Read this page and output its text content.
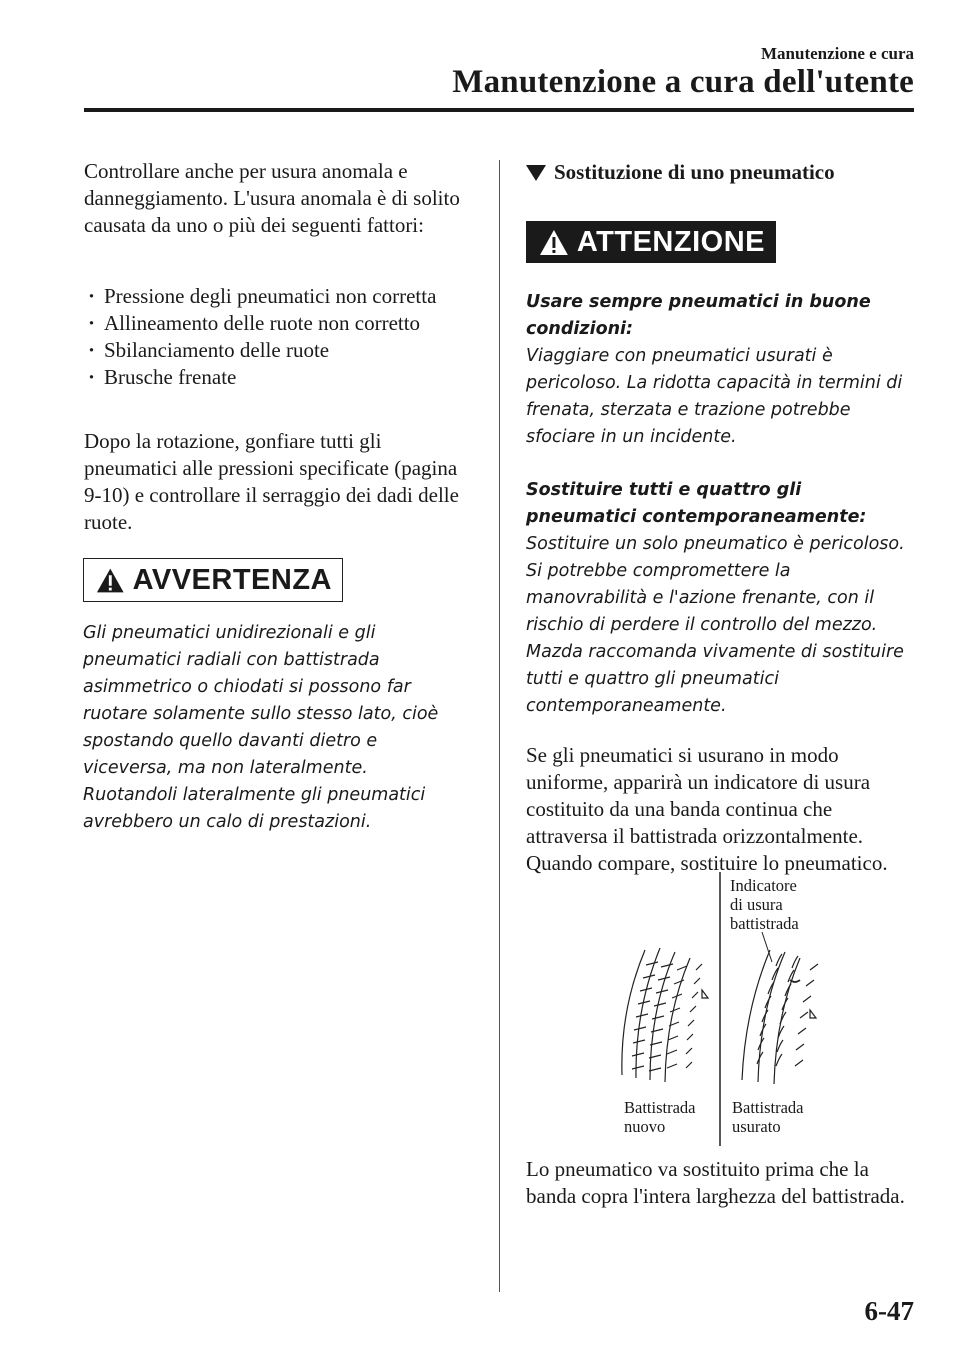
Manutenzione e cura
Manutenzione a cura dell'utente

Controllare anche per usura anomala e danneggiamento. L'usura anomala è di solito causata da uno o più dei seguenti fattori:

· Pressione degli pneumatici non corretta
· Allineamento delle ruote non corretto
· Sbilanciamento delle ruote
· Brusche frenate

Dopo la rotazione, gonfiare tutti gli pneumatici alle pressioni specificate (pagina 9-10) e controllare il serraggio dei dadi delle ruote.

AVVERTENZA

Gli pneumatici unidirezionali e gli pneumatici radiali con battistrada asimmetrico o chiodati si possono far ruotare solamente sullo stesso lato, cioè spostando quello davanti dietro e viceversa, ma non lateralmente. Ruotandoli lateralmente gli pneumatici avrebbero un calo di prestazioni.

Sostituzione di uno pneumatico
ATTENZIONE

Usare sempre pneumatici in buone condizioni:
Viaggiare con pneumatici usurati è pericoloso. La ridotta capacità in termini di frenata, sterzata e trazione potrebbe sfociare in un incidente.

Sostituire tutti e quattro gli pneumatici contemporaneamente:
Sostituire un solo pneumatico è pericoloso. Si potrebbe compromettere la manovrabilità e l'azione frenante, con il rischio di perdere il controllo del mezzo. Mazda raccomanda vivamente di sostituire tutti e quattro gli pneumatici contemporaneamente.

Se gli pneumatici si usurano in modo uniforme, apparirà un indicatore di usura costituito da una banda continua che attraversa il battistrada orizzontalmente. Quando compare, sostituire lo pneumatico.

Indicatore
di usura
battistrada
Battistrada
nuovo
Battistrada
usurato

Lo pneumatico va sostituito prima che la banda copra l'intera larghezza del battistrada.

6-47
